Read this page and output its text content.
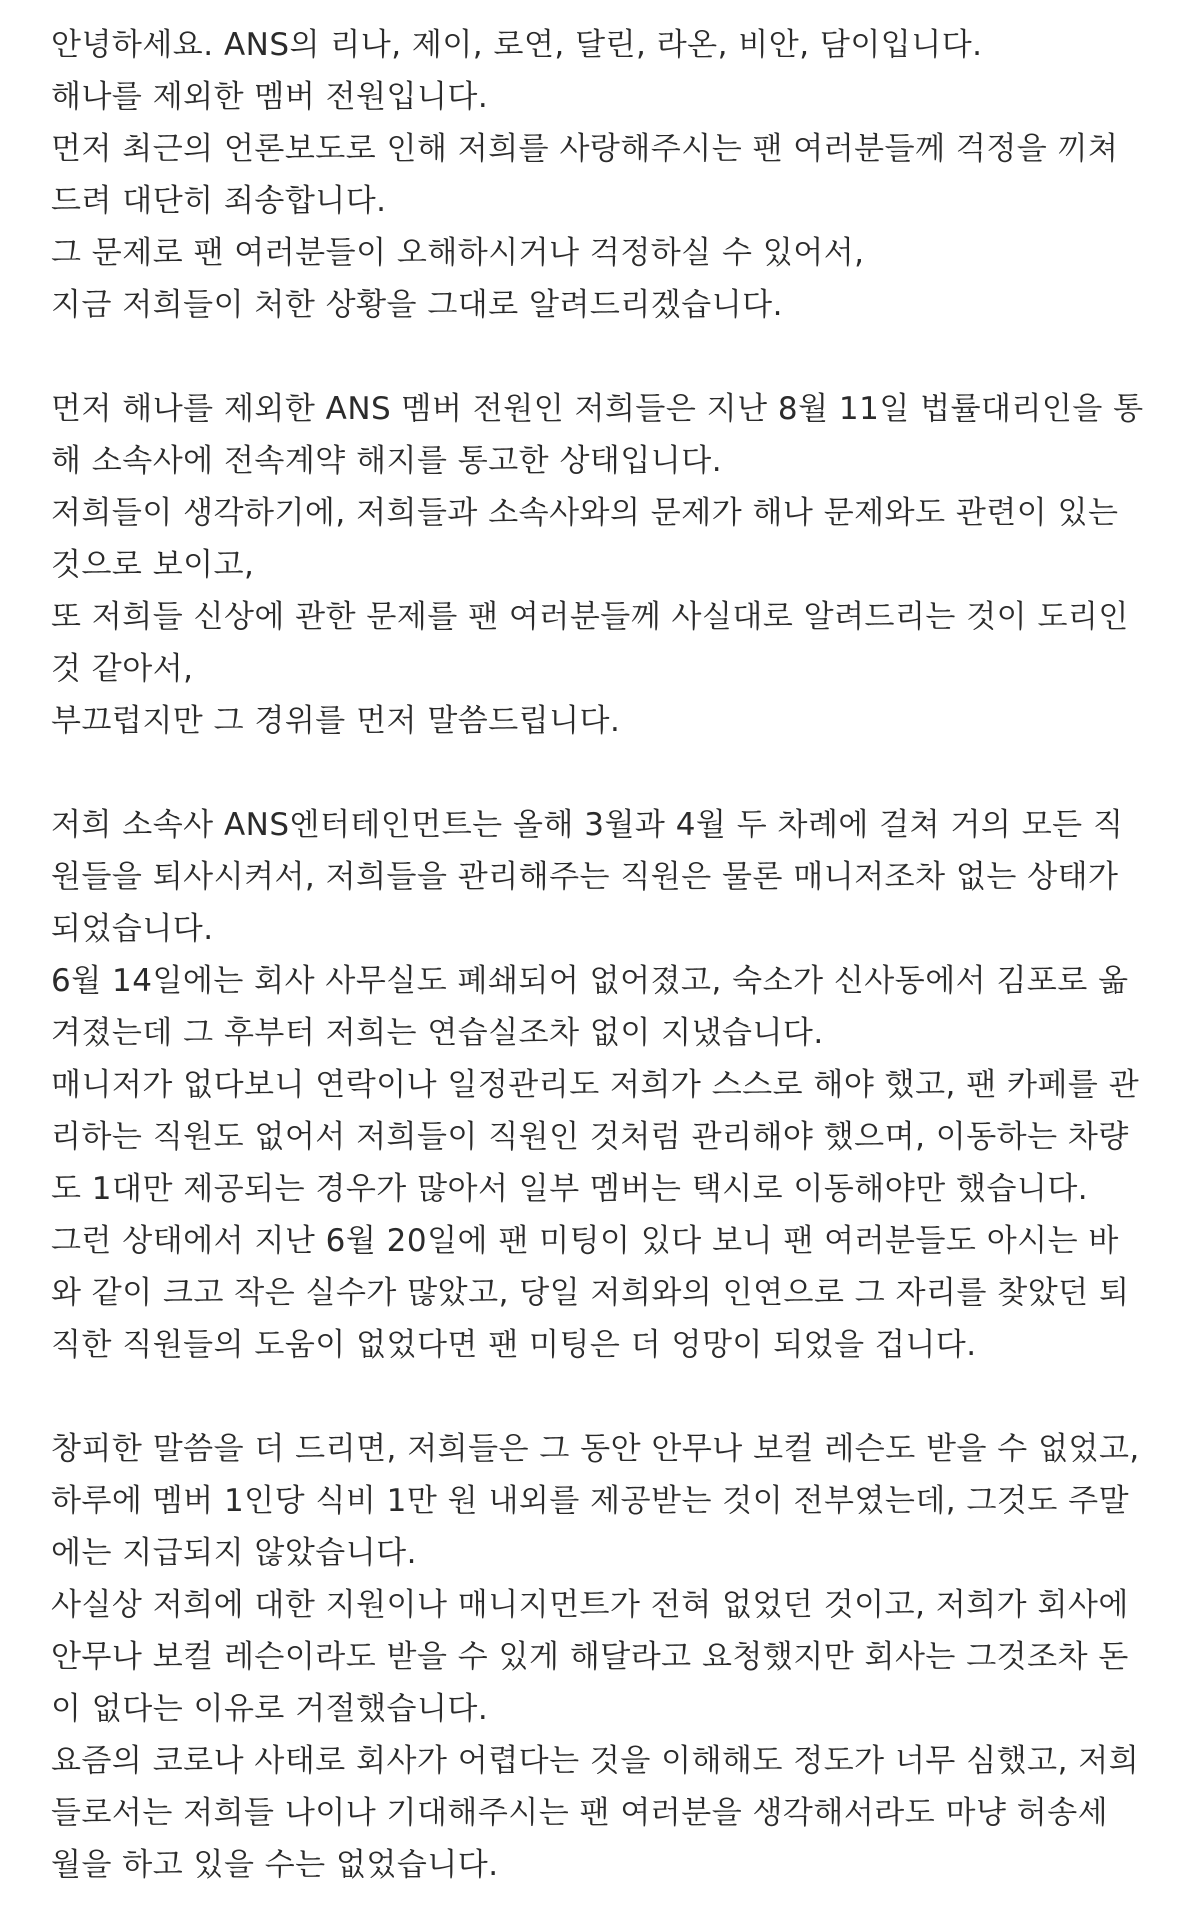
안녕하세요. ANS의 리나, 제이, 로연, 달린, 라온, 비안, 담이입니다.
해나를 제외한 멤버 전원입니다.
먼저 최근의 언론보도로 인해 저희를 사랑해주시는 팬 여러분들께 걱정을 끼쳐
드려 대단히 죄송합니다.
그 문제로 팬 여러분들이 오해하시거나 걱정하실 수 있어서,
지금 저희들이 처한 상황을 그대로 알려드리겠습니다.
먼저 해나를 제외한 ANS 멤버 전원인 저희들은 지난 8월 11일 법률대리인을 통
해 소속사에 전속계약 해지를 통고한 상태입니다.
저희들이 생각하기에, 저희들과 소속사와의 문제가 해나 문제와도 관련이 있는
것으로 보이고,
또 저희들 신상에 관한 문제를 팬 여러분들께 사실대로 알려드리는 것이 도리인
것 같아서,
부끄럽지만 그 경위를 먼저 말씀드립니다.
저희 소속사 ANS엔터테인먼트는 올해 3월과 4월 두 차례에 걸쳐 거의 모든 직
원들을 퇴사시켜서, 저희들을 관리해주는 직원은 물론 매니저조차 없는 상태가
되었습니다.
6월 14일에는 회사 사무실도 폐쇄되어 없어졌고, 숙소가 신사동에서 김포로 옮
겨졌는데 그 후부터 저희는 연습실조차 없이 지냈습니다.
매니저가 없다보니 연락이나 일정관리도 저희가 스스로 해야 했고, 팬 카페를 관
리하는 직원도 없어서 저희들이 직원인 것처럼 관리해야 했으며, 이동하는 차량
도 1대만 제공되는 경우가 많아서 일부 멤버는 택시로 이동해야만 했습니다.
그런 상태에서 지난 6월 20일에 팬 미팅이 있다 보니 팬 여러분들도 아시는 바
와 같이 크고 작은 실수가 많았고, 당일 저희와의 인연으로 그 자리를 찾았던 퇴
직한 직원들의 도움이 없었다면 팬 미팅은 더 엉망이 되었을 겁니다.
창피한 말씀을 더 드리면, 저희들은 그 동안 안무나 보컬 레슨도 받을 수 없었고,
하루에 멤버 1인당 식비 1만 원 내외를 제공받는 것이 전부였는데, 그것도 주말
에는 지급되지 않았습니다.
사실상 저희에 대한 지원이나 매니지먼트가 전혀 없었던 것이고, 저희가 회사에
안무나 보컬 레슨이라도 받을 수 있게 해달라고 요청했지만 회사는 그것조차 돈
이 없다는 이유로 거절했습니다.
요즘의 코로나 사태로 회사가 어렵다는 것을 이해해도 정도가 너무 심했고, 저희
들로서는 저희들 나이나 기대해주시는 팬 여러분을 생각해서라도 마냥 허송세
월을 하고 있을 수는 없었습니다.
